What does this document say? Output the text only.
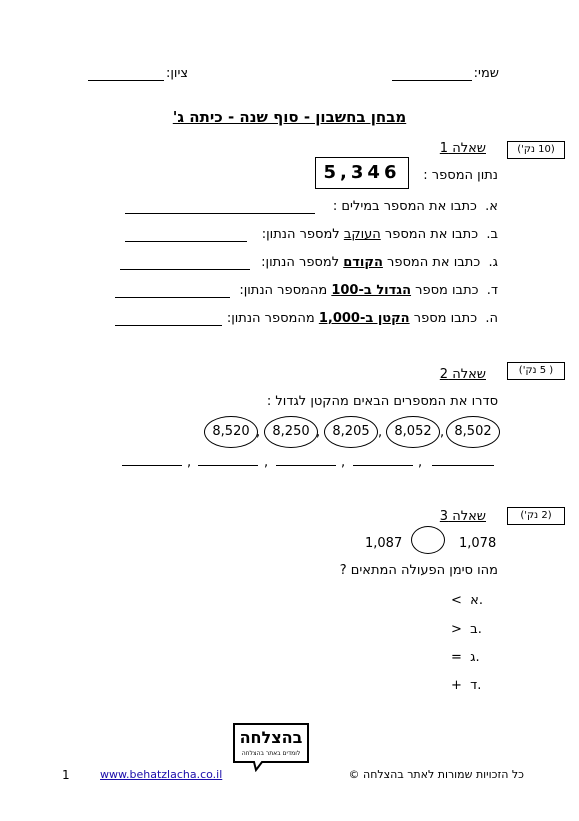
שמי:
ציון:
מבחן בחשבון - סוף שנה - כיתה ג'
(10 נק')
שאלה 1
נתון המספר :
5,346
א.  כתבו את המספר במילים :
ב.  כתבו את המספר העוקב למספר הנתון:
ג.  כתבו את המספר הקודם למספר הנתון:
ד.  כתבו מספר הגדול ב-100 מהמספר הנתון:
ה.  כתבו מספר הקטן ב-1,000 מהמספר הנתון:
( 5 נק')
שאלה 2
סדרו את המספרים הבאים מהקטן לגדול :
8,520 , 8,250 , 8,205 , 8,052 , 8,502
,	,	,	,
(2 נק')
שאלה 3
1,087	1,078
מהו סימן הפעולה המתאים ?
< א.
> ב.
= ג.
+ ד.
בהצלחה
לומדים באתר בהצלחה
1	www.behatzlacha.co.il	כל הזכויות שמורות לאתר בהצלחה ©
